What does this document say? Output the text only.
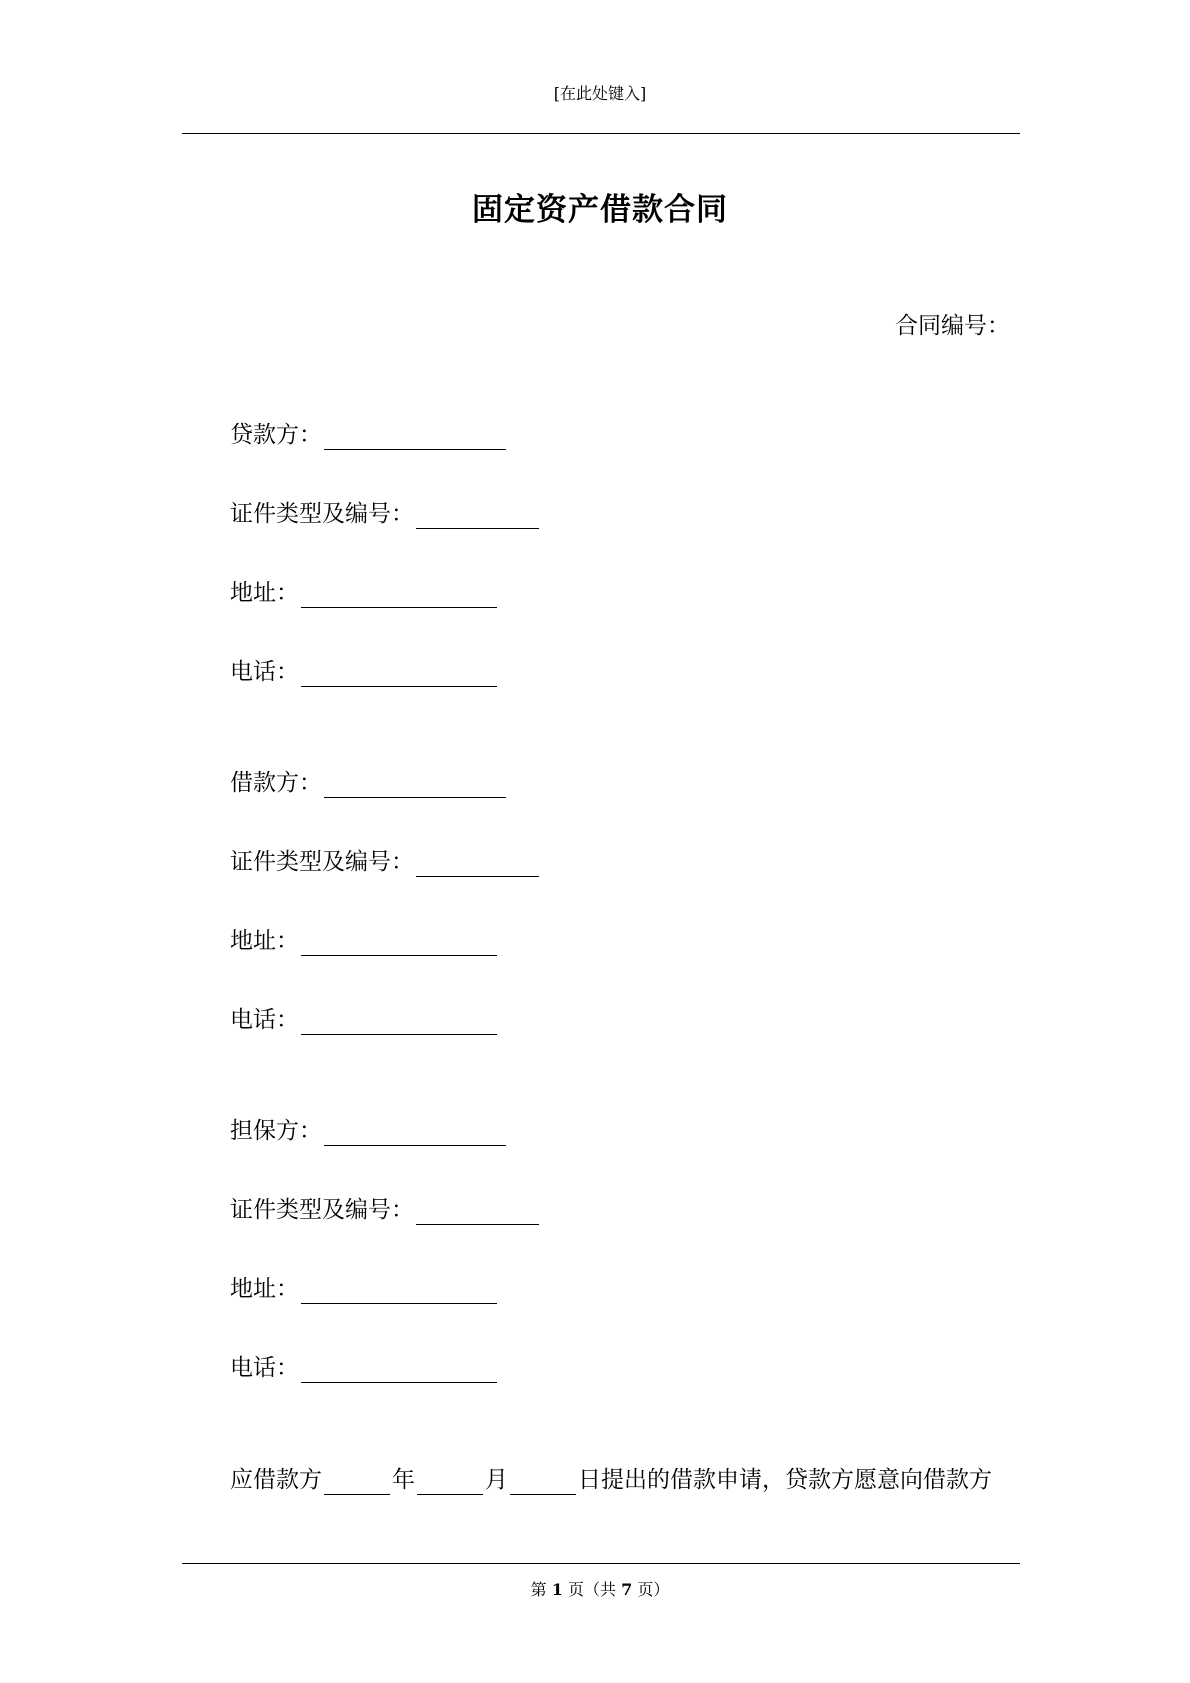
[在此处键入]
固定资产借款合同
合同编号：
贷款方：
证件类型及编号：
地址：
电话：
借款方：
证件类型及编号：
地址：
电话：
担保方：
证件类型及编号：
地址：
电话：
应借款方	年	月	日提出的借款申请，贷款方愿意向借款方
第 1 页（共 7 页）
